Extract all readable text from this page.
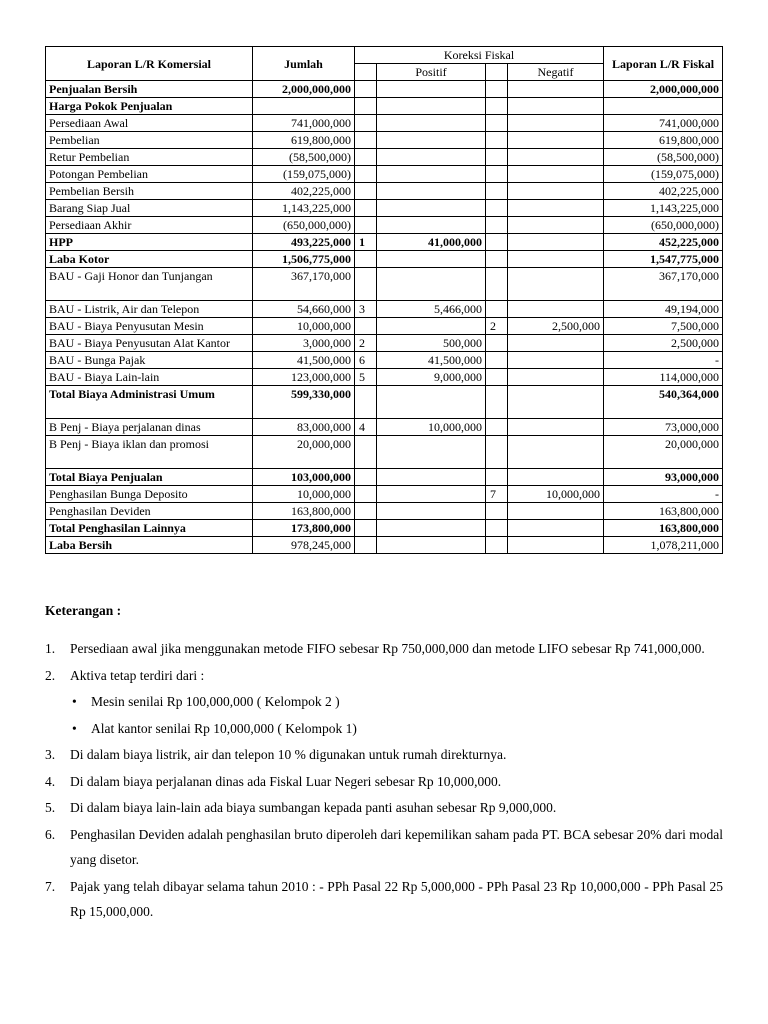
Laporan L/R Komersial	Jumlah	Koreksi Fiskal				Laporan L/R Fiskal
			Positif		Negatif	
Penjualan Bersih	2,000,000,000					2,000,000,000
Harga Pokok Penjualan						
Persediaan Awal	741,000,000					741,000,000
Pembelian	619,800,000					619,800,000
Retur Pembelian	(58,500,000)					(58,500,000)
Potongan Pembelian	(159,075,000)					(159,075,000)
Pembelian Bersih	402,225,000					402,225,000
Barang Siap Jual	1,143,225,000					1,143,225,000
Persediaan Akhir	(650,000,000)					(650,000,000)
HPP	493,225,000	1	41,000,000			452,225,000
Laba Kotor	1,506,775,000					1,547,775,000
BAU - Gaji Honor dan Tunjangan	367,170,000					367,170,000
BAU - Listrik, Air dan Telepon	54,660,000	3	5,466,000			49,194,000
BAU - Biaya Penyusutan Mesin	10,000,000			2	2,500,000	7,500,000
BAU - Biaya Penyusutan Alat Kantor	3,000,000	2	500,000			2,500,000
BAU - Bunga Pajak	41,500,000	6	41,500,000			-
BAU - Biaya Lain-lain	123,000,000	5	9,000,000			114,000,000
Total Biaya Administrasi Umum	599,330,000					540,364,000
B Penj - Biaya perjalanan dinas	83,000,000	4	10,000,000			73,000,000
B Penj - Biaya iklan dan promosi	20,000,000					20,000,000
Total Biaya Penjualan	103,000,000					93,000,000
Penghasilan Bunga Deposito	10,000,000			7	10,000,000	-
Penghasilan Deviden	163,800,000					163,800,000
Total Penghasilan Lainnya	173,800,000					163,800,000
Laba Bersih	978,245,000					1,078,211,000
Keterangan :
1. Persediaan awal jika menggunakan metode FIFO sebesar Rp 750,000,000 dan metode LIFO sebesar Rp 741,000,000.
2. Aktiva tetap terdiri dari :
• Mesin senilai Rp 100,000,000 ( Kelompok 2 )
• Alat kantor senilai Rp 10,000,000 ( Kelompok 1)
3. Di dalam biaya listrik, air dan telepon 10 % digunakan untuk rumah direkturnya.
4. Di dalam biaya perjalanan dinas ada Fiskal Luar Negeri sebesar Rp 10,000,000.
5. Di dalam biaya lain-lain ada biaya sumbangan kepada panti asuhan sebesar Rp 9,000,000.
6. Penghasilan Deviden adalah penghasilan bruto diperoleh dari kepemilikan saham pada PT. BCA sebesar 20% dari modal yang disetor.
7. Pajak yang telah dibayar selama tahun 2010 : - PPh Pasal 22 Rp 5,000,000 - PPh Pasal 23 Rp 10,000,000 - PPh Pasal 25 Rp 15,000,000.
